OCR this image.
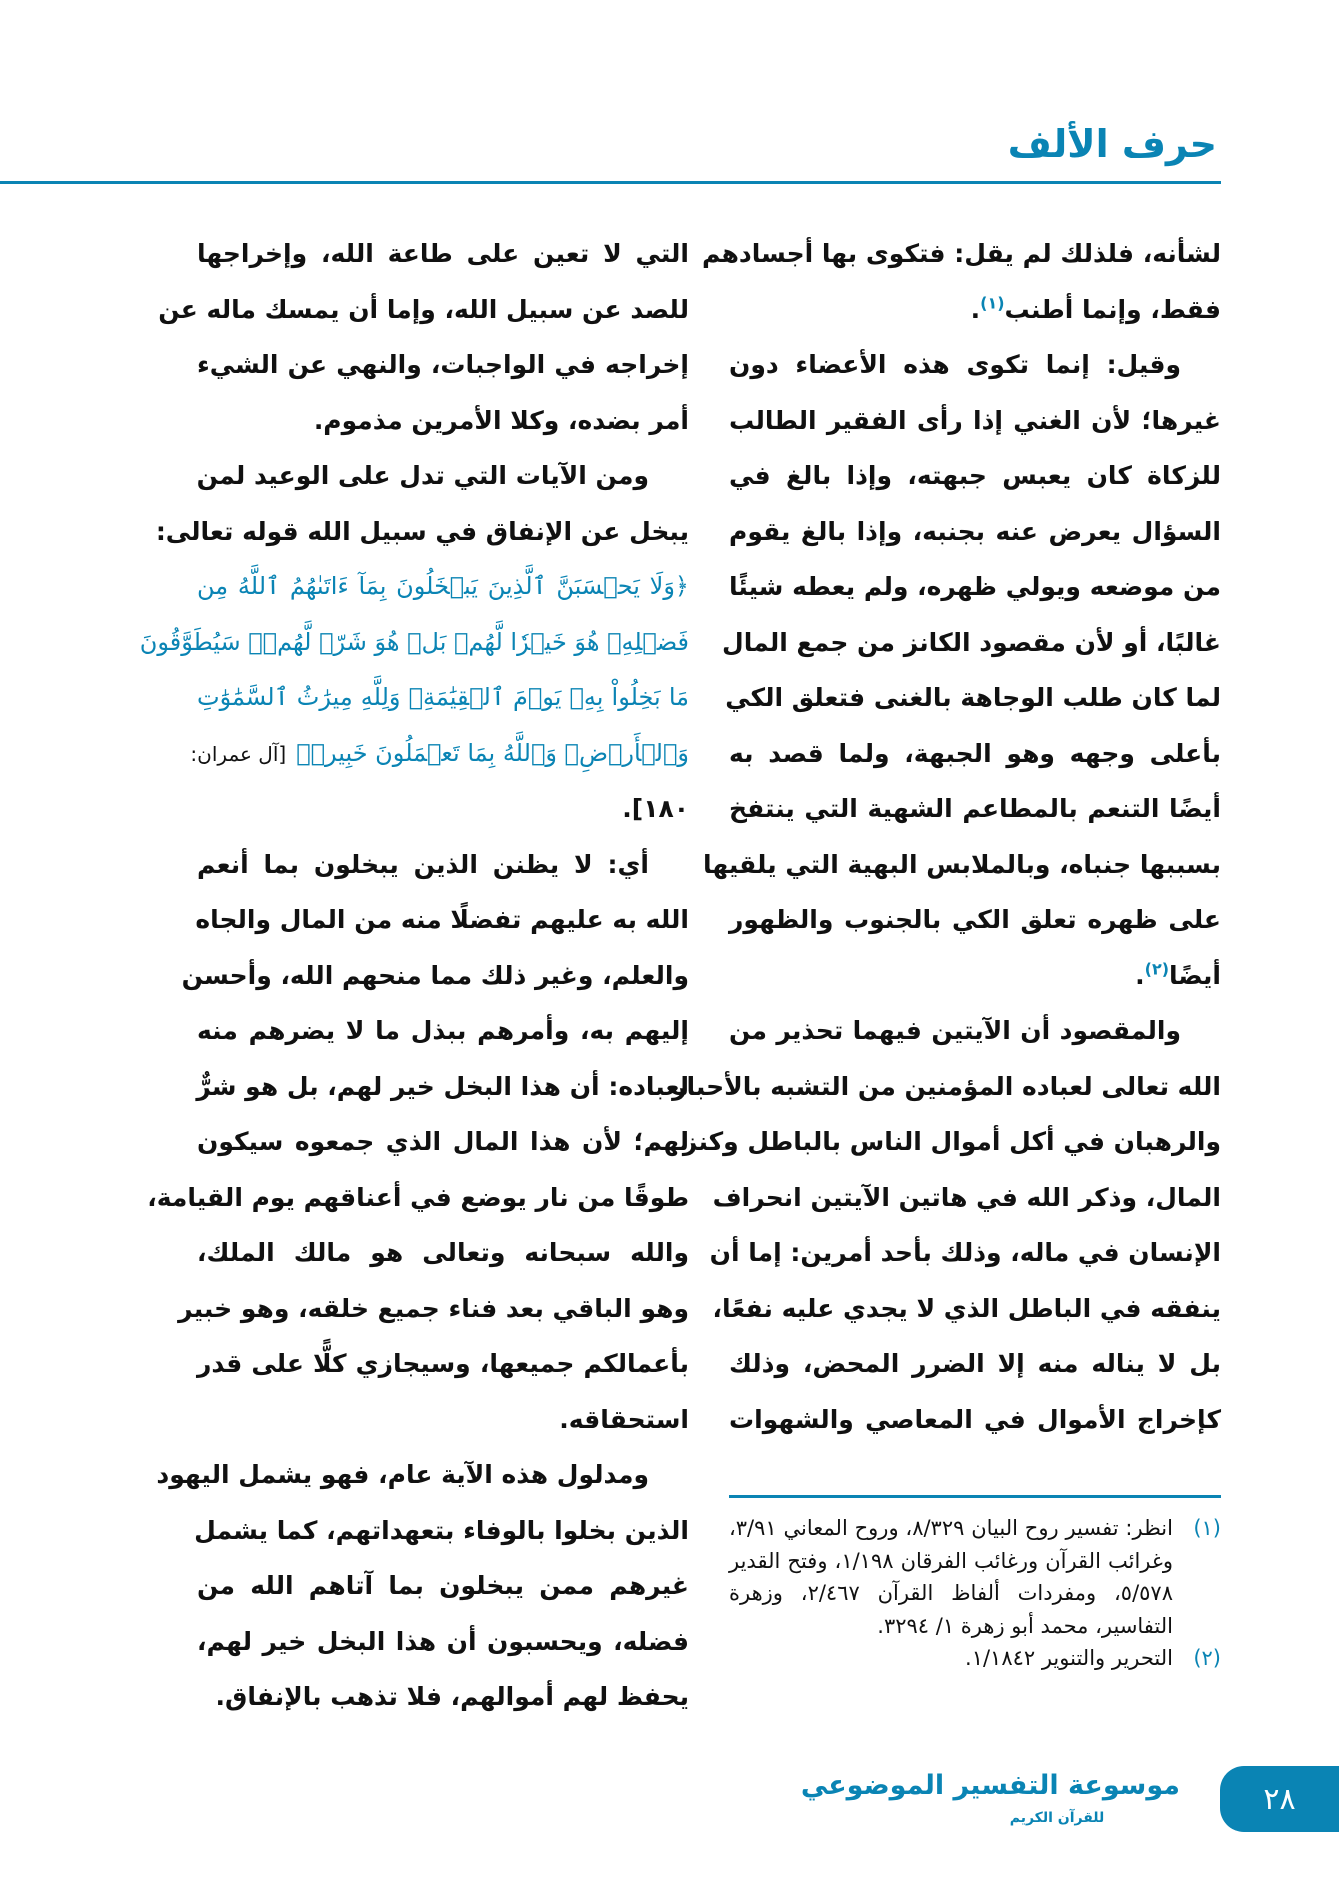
حرف الألف
لشأنه، فلذلك لم يقل: فتكوى بها أجسادهم
فقط، وإنما أطنب$^{(١)}$.
وقيل: إنما تكوى هذه الأعضاء دون
غيرها؛ لأن الغني إذا رأى الفقير الطالب
للزكاة كان يعبس جبهته، وإذا بالغ في
السؤال يعرض عنه بجنبه، وإذا بالغ يقوم
من موضعه ويولي ظهره، ولم يعطه شيئًا
غالبًا، أو لأن مقصود الكانز من جمع المال
لما كان طلب الوجاهة بالغنى فتعلق الكي
بأعلى وجهه وهو الجبهة، ولما قصد به
أيضًا التنعم بالمطاعم الشهية التي ينتفخ
بسببها جنباه، وبالملابس البهية التي يلقيها
على ظهره تعلق الكي بالجنوب والظهور
أيضًا$^{(٢)}$.
والمقصود أن الآيتين فيهما تحذير من
الله تعالى لعباده المؤمنين من التشبه بالأحبار
والرهبان في أكل أموال الناس بالباطل وكنز
المال، وذكر الله في هاتين الآيتين انحراف
الإنسان في ماله، وذلك بأحد أمرين: إما أن
ينفقه في الباطل الذي لا يجدي عليه نفعًا،
بل لا يناله منه إلا الضرر المحض، وذلك
كإخراج الأموال في المعاصي والشهوات
التي لا تعين على طاعة الله، وإخراجها
للصد عن سبيل الله، وإما أن يمسك ماله عن
إخراجه في الواجبات، والنهي عن الشيء
أمر بضده، وكلا الأمرين مذموم.
ومن الآيات التي تدل على الوعيد لمن
يبخل عن الإنفاق في سبيل الله قوله تعالى:
﴿وَلَا يَحۡسَبَنَّ ٱلَّذِينَ يَبۡخَلُونَ بِمَآ ءَاتَىٰهُمُ ٱللَّهُ مِن
فَضۡلِهِۦ هُوَ خَيۡرٗا لَّهُمۖ بَلۡ هُوَ شَرّٞ لَّهُمۡۖ سَيُطَوَّقُونَ
مَا بَخِلُواْ بِهِۦ يَوۡمَ ٱلۡقِيَٰمَةِۗ وَلِلَّهِ مِيرَٰثُ ٱلسَّمَٰوَٰتِ
وَٱلۡأَرۡضِۗ وَٱللَّهُ بِمَا تَعۡمَلُونَ خَبِيرٞ﴾[آل عمران:
١٨٠].
أي: لا يظنن الذين يبخلون بما أنعم
الله به عليهم تفضلًا منه من المال والجاه
والعلم، وغير ذلك مما منحهم الله، وأحسن
إليهم به، وأمرهم ببذل ما لا يضرهم منه
لعباده: أن هذا البخل خير لهم، بل هو شرٌّ
لهم؛ لأن هذا المال الذي جمعوه سيكون
طوقًا من نار يوضع في أعناقهم يوم القيامة،
والله سبحانه وتعالى هو مالك الملك،
وهو الباقي بعد فناء جميع خلقه، وهو خبير
بأعمالكم جميعها، وسيجازي كلًّا على قدر
استحقاقه.
ومدلول هذه الآية عام، فهو يشمل اليهود
الذين بخلوا بالوفاء بتعهداتهم، كما يشمل
غيرهم ممن يبخلون بما آتاهم الله من
فضله، ويحسبون أن هذا البخل خير لهم،
يحفظ لهم أموالهم، فلا تذهب بالإنفاق.
(١)
انظر: تفسير روح البيان ٨/٣٢٩، وروح المعاني ٣/٩١، وغرائب القرآن ورغائب الفرقان ١/١٩٨، وفتح القدير ٥/٥٧٨، ومفردات ألفاظ القرآن ٢/٤٦٧، وزهرة التفاسير، محمد أبو زهرة ١/ ٣٢٩٤.
(٢)
التحرير والتنوير ١/١٨٤٢.
موسوعة التفسير الموضوعي
للقرآن الكريم
٢٨
